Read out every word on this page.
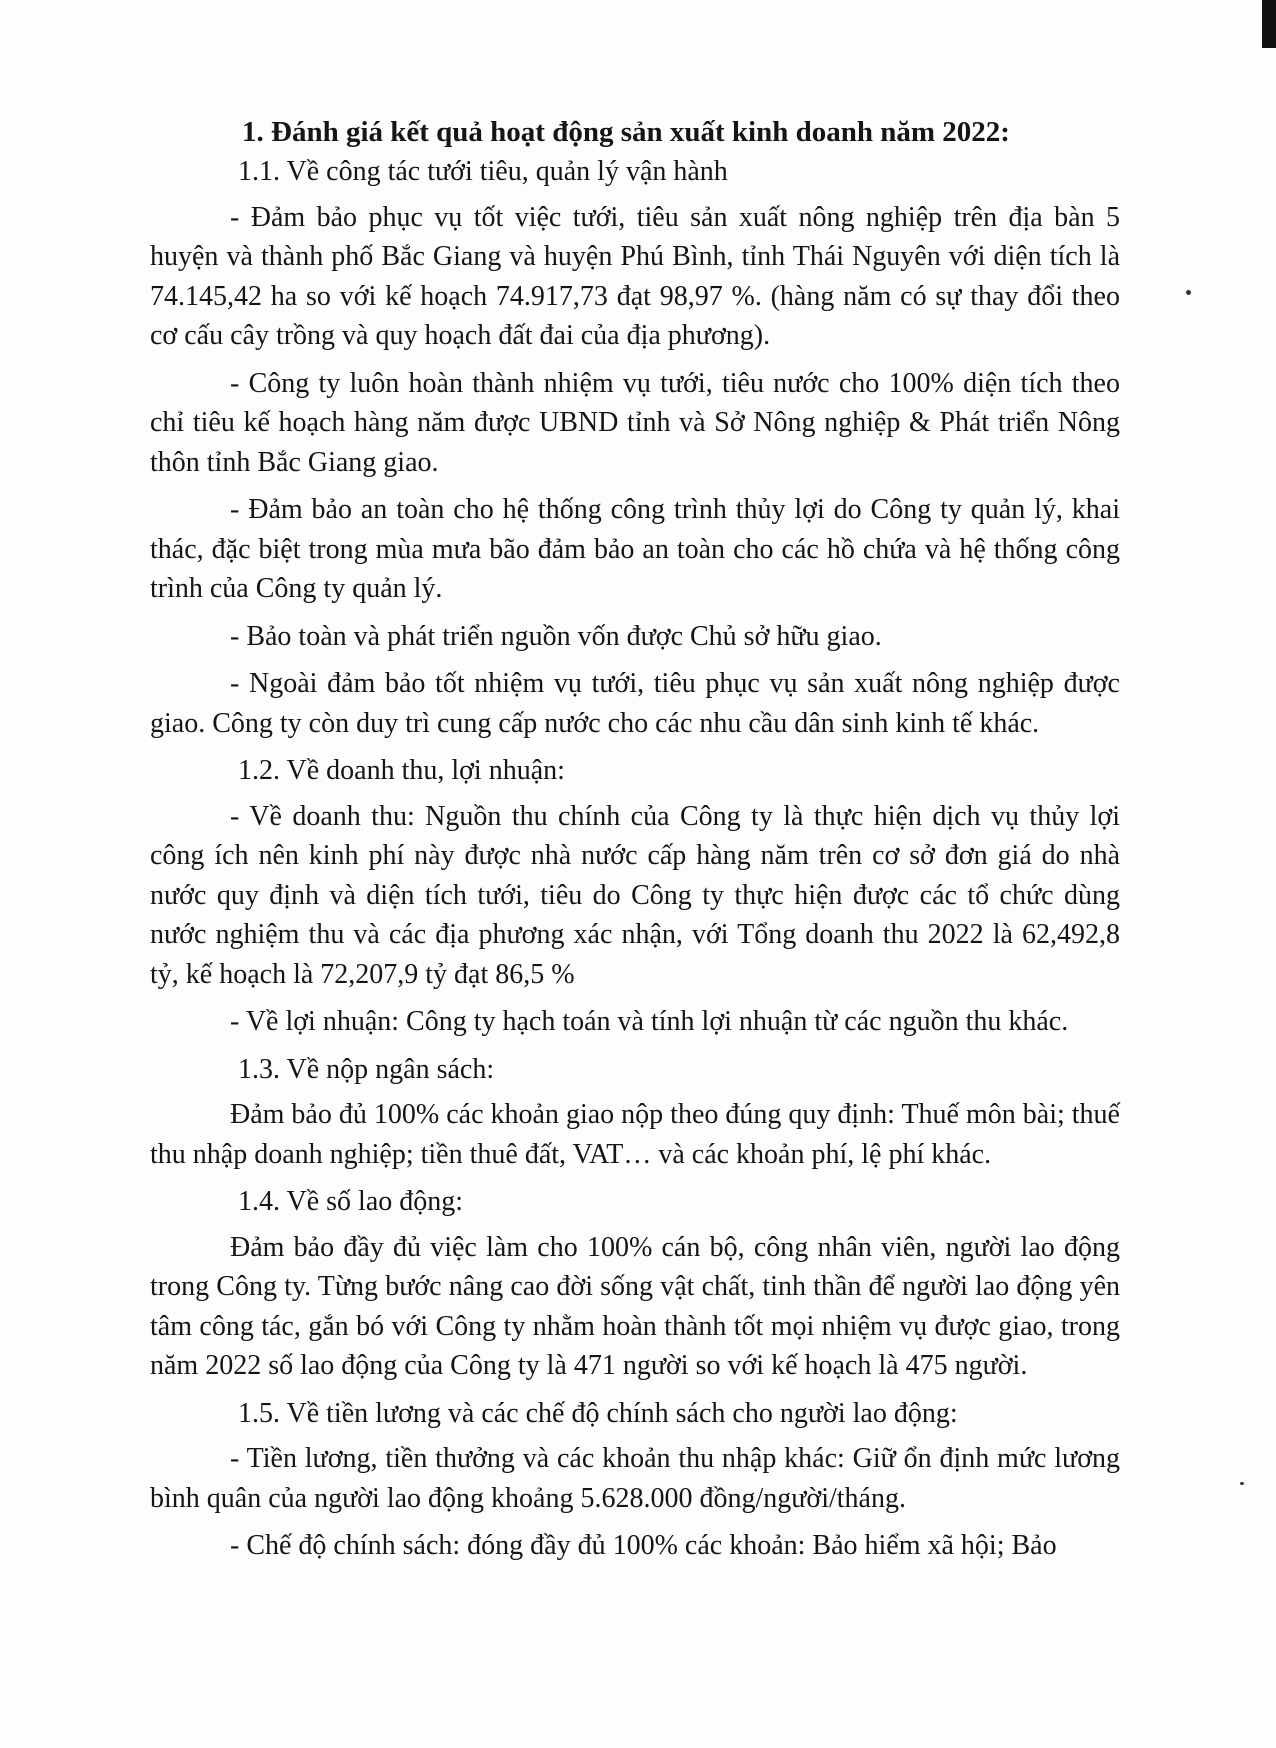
1. Đánh giá kết quả hoạt động sản xuất kinh doanh năm 2022:

1.1. Về công tác tưới tiêu, quản lý vận hành

- Đảm bảo phục vụ tốt việc tưới, tiêu sản xuất nông nghiệp trên địa bàn 5 huyện và thành phố Bắc Giang và huyện Phú Bình, tỉnh Thái Nguyên với diện tích là 74.145,42 ha so với kế hoạch 74.917,73 đạt 98,97 %. (hàng năm có sự thay đổi theo cơ cấu cây trồng và quy hoạch đất đai của địa phương).

- Công ty luôn hoàn thành nhiệm vụ tưới, tiêu nước cho 100% diện tích theo chỉ tiêu kế hoạch hàng năm được UBND tỉnh và Sở Nông nghiệp & Phát triển Nông thôn tỉnh Bắc Giang giao.

- Đảm bảo an toàn cho hệ thống công trình thủy lợi do Công ty quản lý, khai thác, đặc biệt trong mùa mưa bão đảm bảo an toàn cho các hồ chứa và hệ thống công trình của Công ty quản lý.

- Bảo toàn và phát triển nguồn vốn được Chủ sở hữu giao.

- Ngoài đảm bảo tốt nhiệm vụ tưới, tiêu phục vụ sản xuất nông nghiệp được giao. Công ty còn duy trì cung cấp nước cho các nhu cầu dân sinh kinh tế khác.

1.2. Về doanh thu, lợi nhuận:

- Về doanh thu: Nguồn thu chính của Công ty là thực hiện dịch vụ thủy lợi công ích nên kinh phí này được nhà nước cấp hàng năm trên cơ sở đơn giá do nhà nước quy định và diện tích tưới, tiêu do Công ty thực hiện được các tổ chức dùng nước nghiệm thu và các địa phương xác nhận, với Tổng doanh thu 2022 là 62,492,8 tỷ, kế hoạch là 72,207,9 tỷ đạt 86,5 %

- Về lợi nhuận: Công ty hạch toán và tính lợi nhuận từ các nguồn thu khác.

1.3. Về nộp ngân sách:

Đảm bảo đủ 100% các khoản giao nộp theo đúng quy định: Thuế môn bài; thuế thu nhập doanh nghiệp; tiền thuê đất, VAT… và các khoản phí, lệ phí khác.

1.4. Về số lao động:

Đảm bảo đầy đủ việc làm cho 100% cán bộ, công nhân viên, người lao động trong Công ty. Từng bước nâng cao đời sống vật chất, tinh thần để người lao động yên tâm công tác, gắn bó với Công ty nhằm hoàn thành tốt mọi nhiệm vụ được giao, trong năm 2022 số lao động của Công ty là 471 người so với kế hoạch là 475 người.

1.5. Về tiền lương và các chế độ chính sách cho người lao động:

- Tiền lương, tiền thưởng và các khoản thu nhập khác: Giữ ổn định mức lương bình quân của người lao động khoảng 5.628.000 đồng/người/tháng.

- Chế độ chính sách: đóng đầy đủ 100% các khoản: Bảo hiểm xã hội; Bảo
